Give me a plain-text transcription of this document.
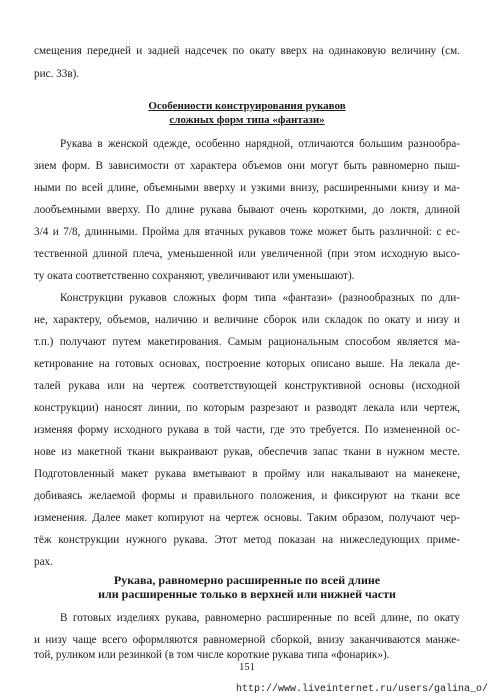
смещения передней и задней надсечек по окату вверх на одинаковую величину (см.
рис. 33в).
Особенности конструирования рукавов
сложных форм типа «фантази»
Рукава в женской одежде, особенно нарядной, отличаются большим разнообра-
зием форм. В зависимости от характера объемов они могут быть равномерно пыш-
ными по всей длине, объемными вверху и узкими внизу, расширенными книзу и ма-
лообъемными вверху. По длине рукава бывают очень короткими, до локтя, длиной
3/4 и 7/8, длинными. Пройма для втачных рукавов тоже может быть различной: с ес-
тественной длиной плеча, уменьшенной или увеличенной (при этом исходную высо-
ту оката соответственно сохраняют, увеличивают или уменьшают).
Конструкции рукавов сложных форм типа «фантази» (разнообразных по дли-
не, характеру, объемов, наличию и величине сборок или складок по окату и низу и
т.п.) получают путем макетирования. Самым рациональным способом является ма-
кетирование на готовых основах, построение которых описано выше. На лекала де-
талей рукава или на чертеж соответствующей конструктивной основы (исходной
конструкции) наносят линии, по которым разрезают и разводят лекала или чертеж,
изменяя форму исходного рукава в той части, где это требуется. По измененной ос-
нове из макетной ткани выкраивают рукав, обеспечив запас ткани в нужном месте.
Подготовленный макет рукава вметывают в пройму или накалывают на манекене,
добиваясь желаемой формы и правильного положения, и фиксируют на ткани все
изменения. Далее макет копируют на чертеж основы. Таким образом, получают чер-
тёж конструкции нужного рукава. Этот метод показан на нижеследующих приме-
рах.
Рукава, равномерно расширенные по всей длине
или расширенные только в верхней или нижней части
В готовых изделиях рукава, равномерно расширенные по всей длине, по окату
и низу чаще всего оформляются равномерной сборкой, внизу заканчиваются манже-
той, руликом или резинкой (в том числе короткие рукава типа «фонарик»).
151
http://www.liveinternet.ru/users/galina_o/
